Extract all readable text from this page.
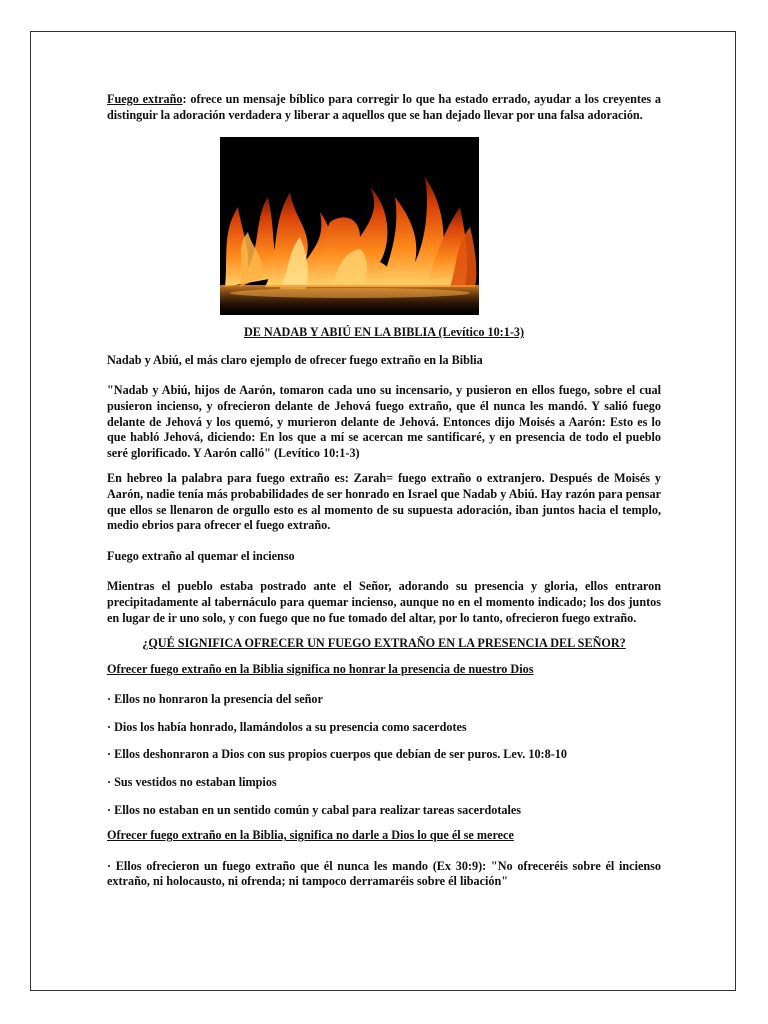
Fuego extraño: ofrece un mensaje bíblico para corregir lo que ha estado errado, ayudar a los creyentes a distinguir la adoración verdadera y liberar a aquellos que se han dejado llevar por una falsa adoración.

DE NADAB Y ABIÚ EN LA BIBLIA (Levítico 10:1-3)

Nadab y Abiú, el más claro ejemplo de ofrecer fuego extraño en la Biblia

"Nadab y Abiú, hijos de Aarón, tomaron cada uno su incensario, y pusieron en ellos fuego, sobre el cual pusieron incienso, y ofrecieron delante de Jehová fuego extraño, que él nunca les mandó. Y salió fuego delante de Jehová y los quemó, y murieron delante de Jehová. Entonces dijo Moisés a Aarón: Esto es lo que habló Jehová, diciendo: En los que a mí se acercan me santificaré, y en presencia de todo el pueblo seré glorificado. Y Aarón calló" (Levítico 10:1-3)

En hebreo la palabra para fuego extraño es: Zarah= fuego extraño o extranjero. Después de Moisés y Aarón, nadie tenía más probabilidades de ser honrado en Israel que Nadab y Abiú. Hay razón para pensar que ellos se llenaron de orgullo esto es al momento de su supuesta adoración, iban juntos hacia el templo, medio ebrios para ofrecer el fuego extraño.

Fuego extraño al quemar el incienso

Mientras el pueblo estaba postrado ante el Señor, adorando su presencia y gloria, ellos entraron precipitadamente al tabernáculo para quemar incienso, aunque no en el momento indicado; los dos juntos en lugar de ir uno solo, y con fuego que no fue tomado del altar, por lo tanto, ofrecieron fuego extraño.

¿QUÉ SIGNIFICA OFRECER UN FUEGO EXTRAÑO EN LA PRESENCIA DEL SEÑOR?

Ofrecer fuego extraño en la Biblia significa no honrar la presencia de nuestro Dios

· Ellos no honraron la presencia del señor

· Dios los había honrado, llamándolos a su presencia como sacerdotes

· Ellos deshonraron a Dios con sus propios cuerpos que debían de ser puros. Lev. 10:8-10

· Sus vestidos no estaban limpios

· Ellos no estaban en un sentido común y cabal para realizar tareas sacerdotales

Ofrecer fuego extraño en la Biblia, significa no darle a Dios lo que él se merece

· Ellos ofrecieron un fuego extraño que él nunca les mando (Ex 30:9): "No ofreceréis sobre él incienso extraño, ni holocausto, ni ofrenda; ni tampoco derramaréis sobre él libación"
